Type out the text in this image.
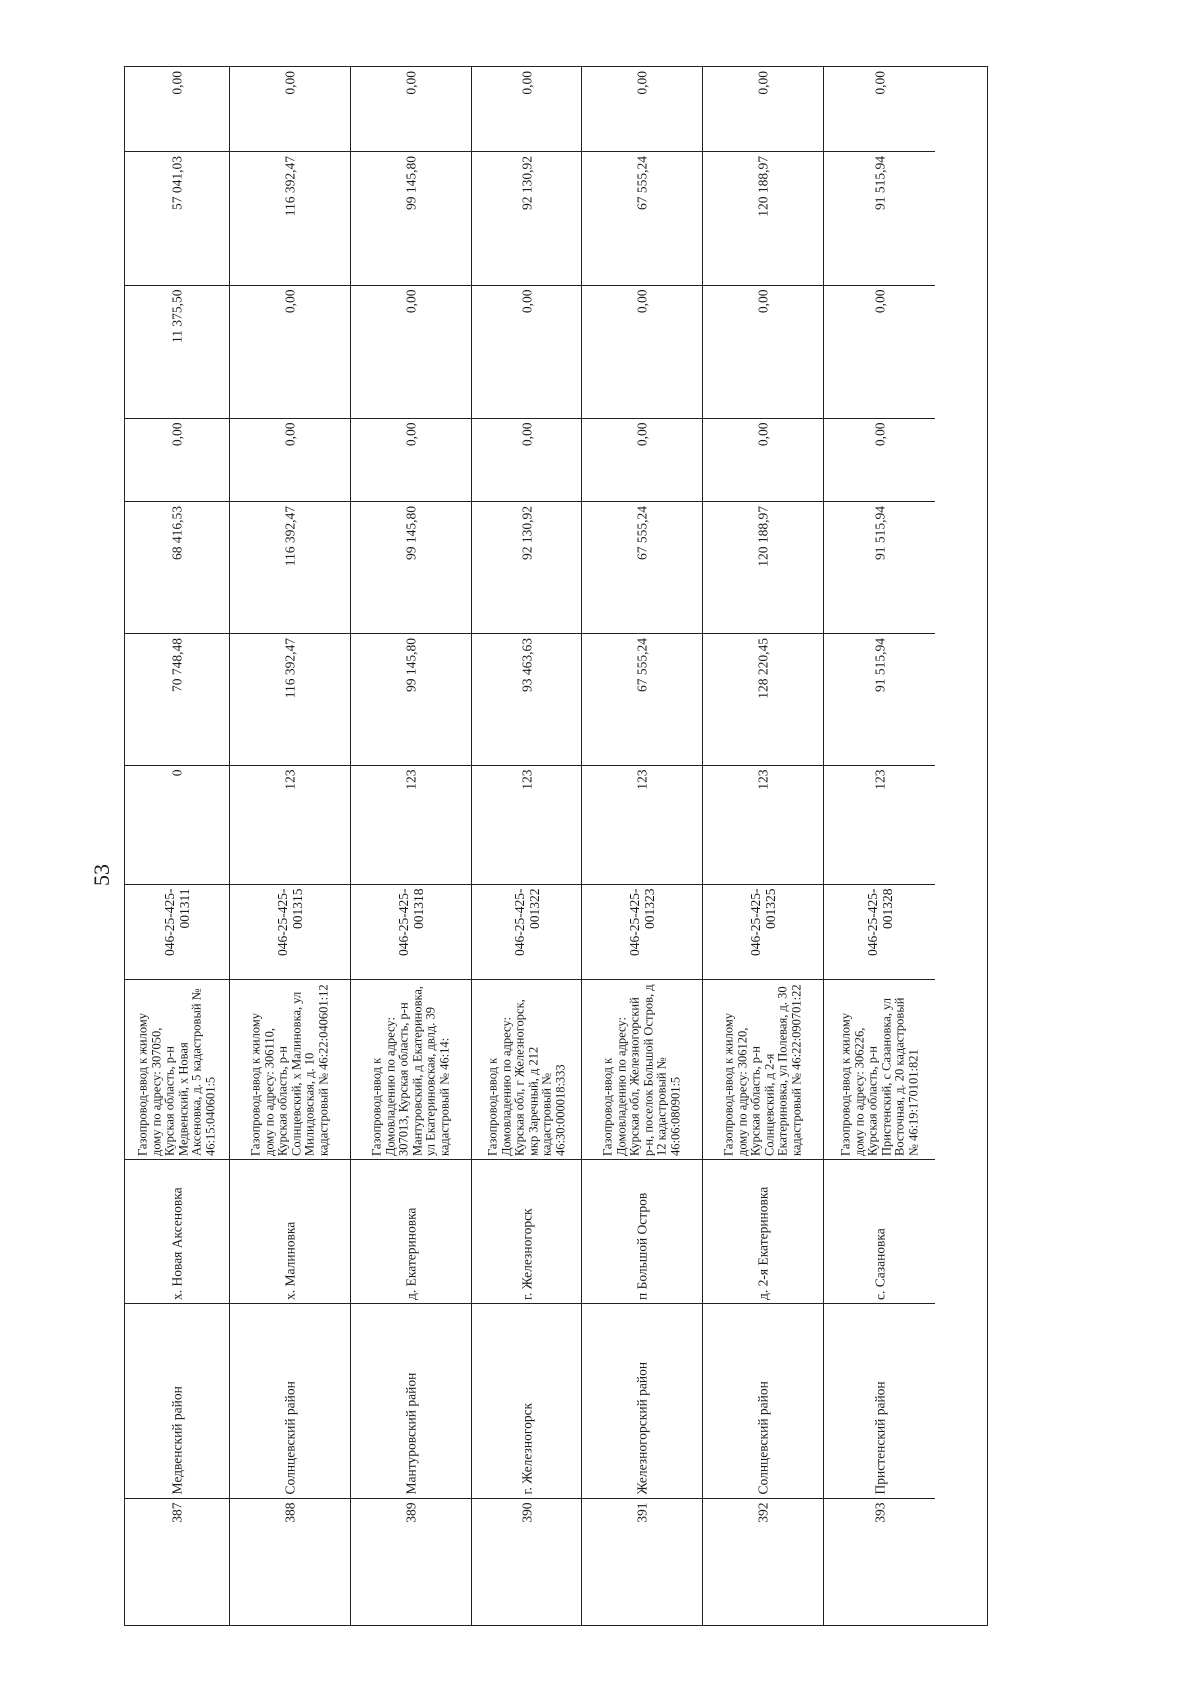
53
0,00
57 041,03
11 375,50
0,00
68 416,53
70 748,48
0
046-25-425-001311
Газопровод-ввод к жилому дому по адресу: 307050, Курская область, р-н Медвенский, х Новая Аксеновка, д. 5 кадастровый № 46:15:040601:5
х. Новая Аксеновка
Медвенский район
387
0,00
116 392,47
0,00
0,00
116 392,47
116 392,47
123
046-25-425-001315
Газопровод-ввод к жилому дому по адресу: 306110, Курская область, р-н Солнцевский, х Малиновка, ул Милидовская, д. 10 кадастровый № 46:22:040601:12
х. Малиновка
Солнцевский район
388
0,00
99 145,80
0,00
0,00
99 145,80
99 145,80
123
046-25-425-001318
Газопровод-ввод к Домовладению по адресу: 307013, Курская область, р-н Мантуровский, д Екатериновка, ул Екатериновская, двлд. 39 кадастровый № 46:14:
д. Екатериновка
Мантуровский район
389
0,00
92 130,92
0,00
0,00
92 130,92
93 463,63
123
046-25-425-001322
Газопровод-ввод к Домовладению по адресу: Курская обл, г Железногорск, мкр Заречный, д 212 кадастровый № 46:30:000018:333
г. Железногорск
г. Железногорск
390
0,00
67 555,24
0,00
0,00
67 555,24
67 555,24
123
046-25-425-001323
Газопровод-ввод к Домовладению по адресу: Курская обл, Железногорский р-н, поселок Большой Остров, д 12 кадастровый № 46:06:080901:5
п Большой Остров
Железногорский район
391
0,00
120 188,97
0,00
0,00
120 188,97
128 220,45
123
046-25-425-001325
Газопровод-ввод к жилому дому по адресу: 306120, Курская область, р-н Солнцевский, д 2-я Екатериновка, ул Полевая, д. 30 кадастровый № 46:22:090701:22
д. 2-я Екатериновка
Солнцевский район
392
0,00
91 515,94
0,00
0,00
91 515,94
91 515,94
123
046-25-425-001328
Газопровод-ввод к жилому дому по адресу: 306226, Курская область, р-н Пристенский, с Сазановка, ул Восточная, д. 20 кадастровый № 46:19:170101:821
с. Сазановка
Пристенский район
393
